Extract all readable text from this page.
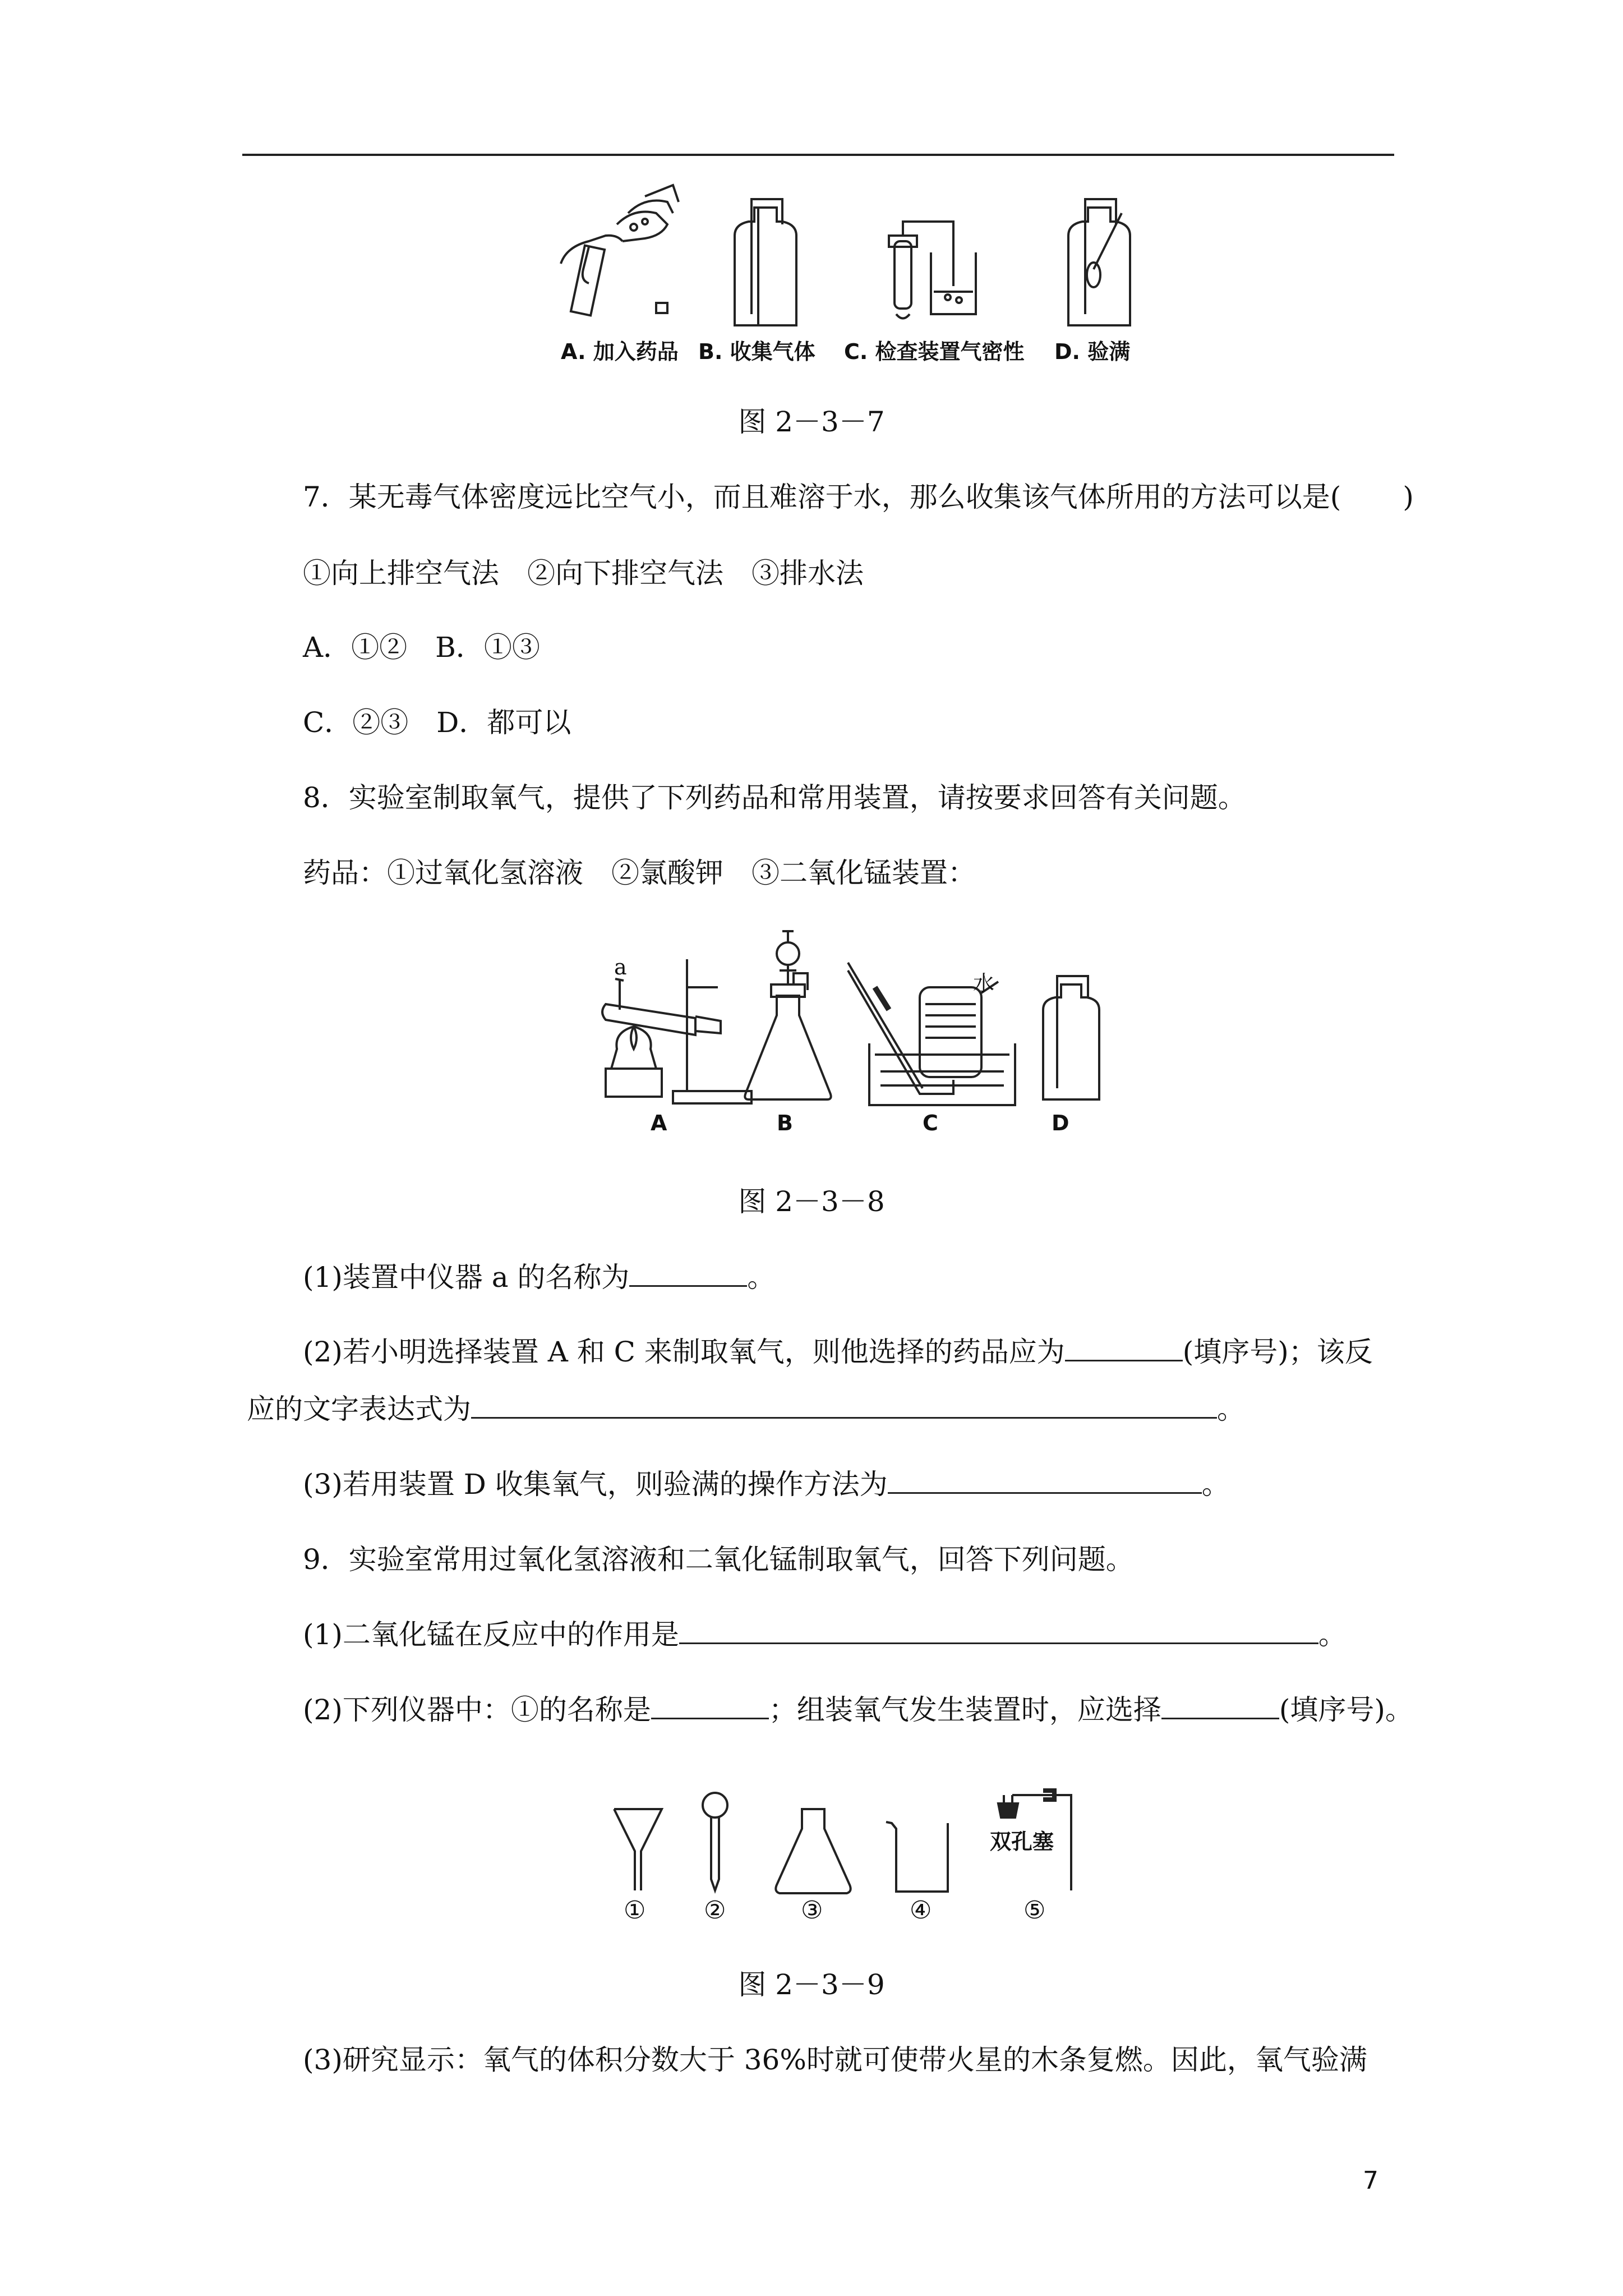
A. 加入药品 B. 收集气体 C. 检查装置气密性 D. 验满
图 2－3－7
7．某无毒气体密度远比空气小，而且难溶于水，那么收集该气体所用的方法可以是( )
①向上排空气法　②向下排空气法　③排水法
A．①②　B．①③
C．②③　D．都可以
8．实验室制取氧气，提供了下列药品和常用装置，请按要求回答有关问题。
药品：①过氧化氢溶液　②氯酸钾　③二氧化锰装置：
a
水
A	B	C	D
图 2－3－8
(1)装置中仪器 a 的名称为	。
(2)若小明选择装置 A 和 C 来制取氧气，则他选择的药品应为	(填序号)；该反
应的文字表达式为	。
(3)若用装置 D 收集氧气，则验满的操作方法为	。
9．实验室常用过氧化氢溶液和二氧化锰制取氧气，回答下列问题。
(1)二氧化锰在反应中的作用是	。
(2)下列仪器中：①的名称是	；组装氧气发生装置时，应选择	(填序号)。
双孔塞
① ②	③	④	⑤
图 2－3－9
(3)研究显示：氧气的体积分数大于 36%时就可使带火星的木条复燃。因此，氧气验满
7
